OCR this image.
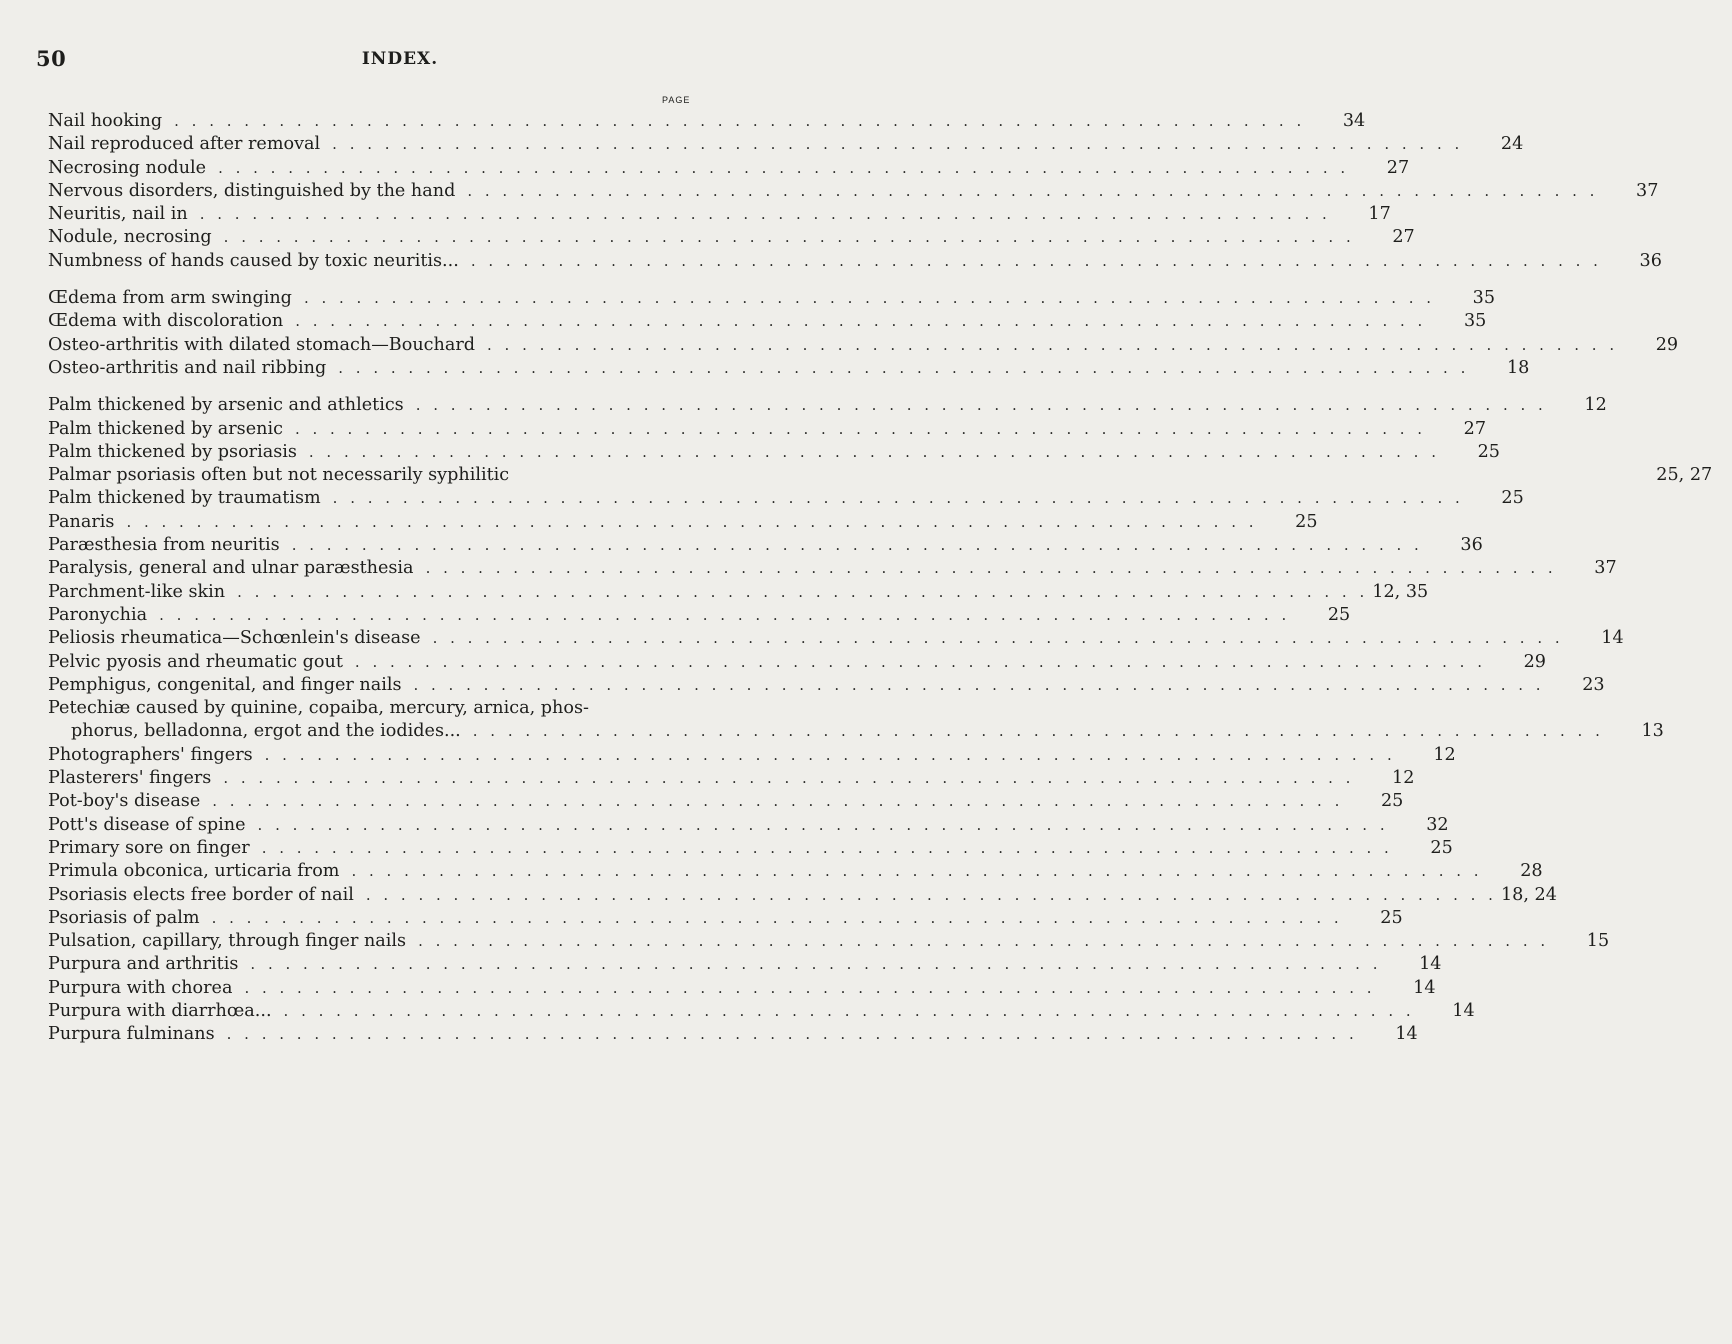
50	INDEX.
PAGE
Nail hooking . . . . . . . . . . . . . . . . . . . . . . . . . . . . . . . . . . . . . . . . . . . . . . . . . . . . . . . . . . . . . . . . .	34
Nail reproduced after removal . . . . . . . . . . . . . . . . . . . . . . . . . . . . . . . . . . . . . . . . . . . . . . . . . . . . . . . . . . . . . . . . .	24
Necrosing nodule . . . . . . . . . . . . . . . . . . . . . . . . . . . . . . . . . . . . . . . . . . . . . . . . . . . . . . . . . . . . . . . . .	27
Nervous disorders, distinguished by the hand . . . . . . . . . . . . . . . . . . . . . . . . . . . . . . . . . . . . . . . . . . . . . . . . . . . . . . . . . . . . . . . . .	37
Neuritis, nail in . . . . . . . . . . . . . . . . . . . . . . . . . . . . . . . . . . . . . . . . . . . . . . . . . . . . . . . . . . . . . . . . .	17
Nodule, necrosing . . . . . . . . . . . . . . . . . . . . . . . . . . . . . . . . . . . . . . . . . . . . . . . . . . . . . . . . . . . . . . . . .	27
Numbness of hands caused by toxic neuritis... . . . . . . . . . . . . . . . . . . . . . . . . . . . . . . . . . . . . . . . . . . . . . . . . . . . . . . . . . . . . . . . . .	36
Œdema from arm swinging . . . . . . . . . . . . . . . . . . . . . . . . . . . . . . . . . . . . . . . . . . . . . . . . . . . . . . . . . . . . . . . . .	35
Œdema with discoloration . . . . . . . . . . . . . . . . . . . . . . . . . . . . . . . . . . . . . . . . . . . . . . . . . . . . . . . . . . . . . . . . .	35
Osteo-arthritis with dilated stomach—Bouchard . . . . . . . . . . . . . . . . . . . . . . . . . . . . . . . . . . . . . . . . . . . . . . . . . . . . . . . . . . . . . . . . .	29
Osteo-arthritis and nail ribbing . . . . . . . . . . . . . . . . . . . . . . . . . . . . . . . . . . . . . . . . . . . . . . . . . . . . . . . . . . . . . . . . .	18
Palm thickened by arsenic and athletics . . . . . . . . . . . . . . . . . . . . . . . . . . . . . . . . . . . . . . . . . . . . . . . . . . . . . . . . . . . . . . . . .	12
Palm thickened by arsenic . . . . . . . . . . . . . . . . . . . . . . . . . . . . . . . . . . . . . . . . . . . . . . . . . . . . . . . . . . . . . . . . .	27
Palm thickened by psoriasis . . . . . . . . . . . . . . . . . . . . . . . . . . . . . . . . . . . . . . . . . . . . . . . . . . . . . . . . . . . . . . . . .	25
Palmar psoriasis often but not necessarily syphilitic	25, 27
Palm thickened by traumatism . . . . . . . . . . . . . . . . . . . . . . . . . . . . . . . . . . . . . . . . . . . . . . . . . . . . . . . . . . . . . . . . .	25
Panaris . . . . . . . . . . . . . . . . . . . . . . . . . . . . . . . . . . . . . . . . . . . . . . . . . . . . . . . . . . . . . . . . .	25
Paræsthesia from neuritis . . . . . . . . . . . . . . . . . . . . . . . . . . . . . . . . . . . . . . . . . . . . . . . . . . . . . . . . . . . . . . . . .	36
Paralysis, general and ulnar paræsthesia . . . . . . . . . . . . . . . . . . . . . . . . . . . . . . . . . . . . . . . . . . . . . . . . . . . . . . . . . . . . . . . . .	37
Parchment-like skin . . . . . . . . . . . . . . . . . . . . . . . . . . . . . . . . . . . . . . . . . . . . . . . . . . . . . . . . . . . . . . . . . 12, 35
Paronychia . . . . . . . . . . . . . . . . . . . . . . . . . . . . . . . . . . . . . . . . . . . . . . . . . . . . . . . . . . . . . . . . .	25
Peliosis rheumatica—Schœnlein's disease . . . . . . . . . . . . . . . . . . . . . . . . . . . . . . . . . . . . . . . . . . . . . . . . . . . . . . . . . . . . . . . . .	14
Pelvic pyosis and rheumatic gout . . . . . . . . . . . . . . . . . . . . . . . . . . . . . . . . . . . . . . . . . . . . . . . . . . . . . . . . . . . . . . . . .	29
Pemphigus, congenital, and finger nails . . . . . . . . . . . . . . . . . . . . . . . . . . . . . . . . . . . . . . . . . . . . . . . . . . . . . . . . . . . . . . . . .	23
Petechiæ caused by quinine, copaiba, mercury, arnica, phos-
phorus, belladonna, ergot and the iodides... . . . . . . . . . . . . . . . . . . . . . . . . . . . . . . . . . . . . . . . . . . . . . . . . . . . . . . . . . . . . . . . . .	13
Photographers' fingers . . . . . . . . . . . . . . . . . . . . . . . . . . . . . . . . . . . . . . . . . . . . . . . . . . . . . . . . . . . . . . . . .	12
Plasterers' fingers . . . . . . . . . . . . . . . . . . . . . . . . . . . . . . . . . . . . . . . . . . . . . . . . . . . . . . . . . . . . . . . . .	12
Pot-boy's disease . . . . . . . . . . . . . . . . . . . . . . . . . . . . . . . . . . . . . . . . . . . . . . . . . . . . . . . . . . . . . . . . .	25
Pott's disease of spine . . . . . . . . . . . . . . . . . . . . . . . . . . . . . . . . . . . . . . . . . . . . . . . . . . . . . . . . . . . . . . . . .	32
Primary sore on finger . . . . . . . . . . . . . . . . . . . . . . . . . . . . . . . . . . . . . . . . . . . . . . . . . . . . . . . . . . . . . . . . .	25
Primula obconica, urticaria from . . . . . . . . . . . . . . . . . . . . . . . . . . . . . . . . . . . . . . . . . . . . . . . . . . . . . . . . . . . . . . . . .	28
Psoriasis elects free border of nail . . . . . . . . . . . . . . . . . . . . . . . . . . . . . . . . . . . . . . . . . . . . . . . . . . . . . . . . . . . . . . . . . 18, 24
Psoriasis of palm . . . . . . . . . . . . . . . . . . . . . . . . . . . . . . . . . . . . . . . . . . . . . . . . . . . . . . . . . . . . . . . . .	25
Pulsation, capillary, through finger nails . . . . . . . . . . . . . . . . . . . . . . . . . . . . . . . . . . . . . . . . . . . . . . . . . . . . . . . . . . . . . . . . .	15
Purpura and arthritis . . . . . . . . . . . . . . . . . . . . . . . . . . . . . . . . . . . . . . . . . . . . . . . . . . . . . . . . . . . . . . . . .	14
Purpura with chorea . . . . . . . . . . . . . . . . . . . . . . . . . . . . . . . . . . . . . . . . . . . . . . . . . . . . . . . . . . . . . . . . .	14
Purpura with diarrhœa... . . . . . . . . . . . . . . . . . . . . . . . . . . . . . . . . . . . . . . . . . . . . . . . . . . . . . . . . . . . . . . . . .	14
Purpura fulminans . . . . . . . . . . . . . . . . . . . . . . . . . . . . . . . . . . . . . . . . . . . . . . . . . . . . . . . . . . . . . . . . .	14
